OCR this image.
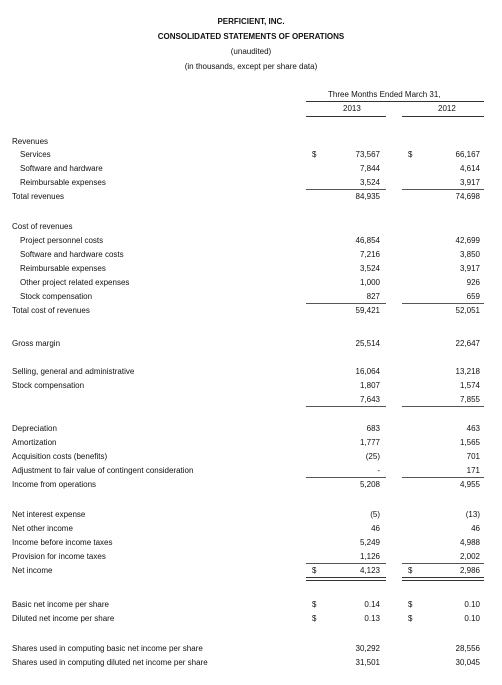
PERFICIENT, INC.
CONSOLIDATED STATEMENTS OF OPERATIONS
(unaudited)
(in thousands, except per share data)
Three Months Ended March 31,
2013	2012
Revenues
Services	$	73,567	$	66,167
Software and hardware	7,844	4,614
Reimbursable expenses	3,524	3,917
Total revenues	84,935	74,698
Cost of revenues
Project personnel costs	46,854	42,699
Software and hardware costs	7,216	3,850
Reimbursable expenses	3,524	3,917
Other project related expenses	1,000	926
Stock compensation	827	659
Total cost of revenues	59,421	52,051
Gross margin	25,514	22,647
Selling, general and administrative	16,064	13,218
Stock compensation	1,807	1,574
7,643	7,855
Depreciation	683	463
Amortization	1,777	1,565
Acquisition costs (benefits)	(25)	701
Adjustment to fair value of contingent consideration	-	171
Income from operations	5,208	4,955
Net interest expense	(5)	(13)
Net other income	46	46
Income before income taxes	5,249	4,988
Provision for income taxes	1,126	2,002
Net income	$	4,123	$	2,986
Basic net income per share	$	0.14	$	0.10
Diluted net income per share	$	0.13	$	0.10
Shares used in computing basic net income per share	30,292	28,556
Shares used in computing diluted net income per share	31,501	30,045
